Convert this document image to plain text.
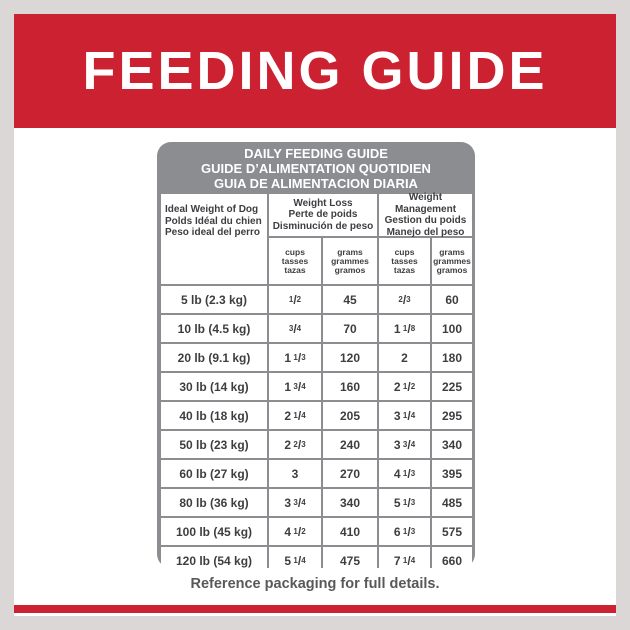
FEEDING GUIDE
DAILY FEEDING GUIDE
GUIDE D’ALIMENTATION QUOTIDIEN
GUIA DE ALIMENTACION DIARIA
Ideal Weight of Dog
Polds Idéal du chien
Peso ideal del perro
Weight Loss
Perte de poids
Disminución de peso
Weight Management
Gestion du poids
Manejo del peso
cups
tasses
tazas
grams
grammes
gramos
cups
tasses
tazas
grams
grammes
gramos
5 lb (2.3 kg)	1 / 2	45	2 / 3	60
10 lb (4.5 kg)	3 / 4	70	1  1 / 8	100
20 lb (9.1 kg)	1  1 / 3	120	2	180
30 lb (14 kg)	1  3 / 4	160	2  1 / 2	225
40 lb (18 kg)	2  1 / 4	205	3  1 / 4	295
50 lb (23 kg)	2  2 / 3	240	3  3 / 4	340
60 lb (27 kg)	3	270	4  1 / 3	395
80 lb (36 kg)	3  3 / 4	340	5  1 / 3	485
100 lb (45 kg)	4  1 / 2	410	6  1 / 3	575
120 lb (54 kg)	5  1 / 4	475	7  1 / 4	660
Reference packaging for full details.
